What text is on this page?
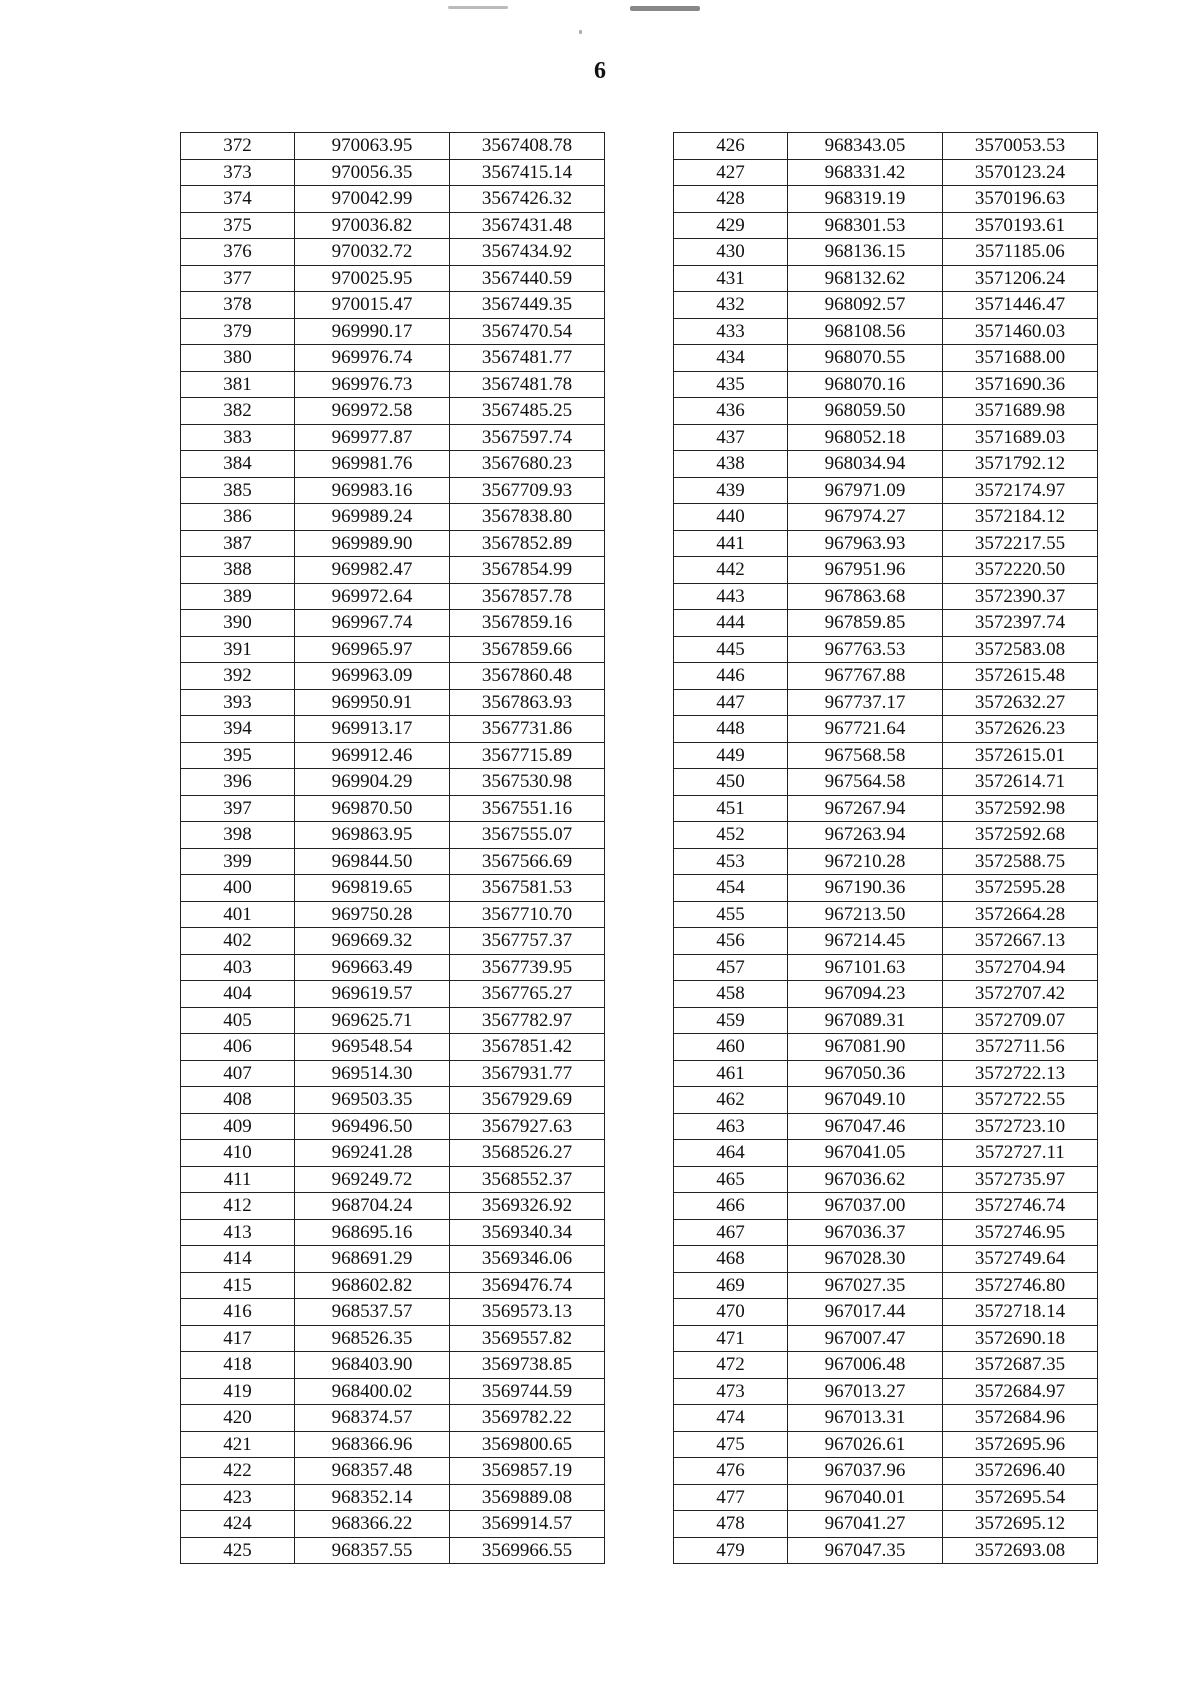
6
372	970063.95	3567408.78
373	970056.35	3567415.14
374	970042.99	3567426.32
375	970036.82	3567431.48
376	970032.72	3567434.92
377	970025.95	3567440.59
378	970015.47	3567449.35
379	969990.17	3567470.54
380	969976.74	3567481.77
381	969976.73	3567481.78
382	969972.58	3567485.25
383	969977.87	3567597.74
384	969981.76	3567680.23
385	969983.16	3567709.93
386	969989.24	3567838.80
387	969989.90	3567852.89
388	969982.47	3567854.99
389	969972.64	3567857.78
390	969967.74	3567859.16
391	969965.97	3567859.66
392	969963.09	3567860.48
393	969950.91	3567863.93
394	969913.17	3567731.86
395	969912.46	3567715.89
396	969904.29	3567530.98
397	969870.50	3567551.16
398	969863.95	3567555.07
399	969844.50	3567566.69
400	969819.65	3567581.53
401	969750.28	3567710.70
402	969669.32	3567757.37
403	969663.49	3567739.95
404	969619.57	3567765.27
405	969625.71	3567782.97
406	969548.54	3567851.42
407	969514.30	3567931.77
408	969503.35	3567929.69
409	969496.50	3567927.63
410	969241.28	3568526.27
411	969249.72	3568552.37
412	968704.24	3569326.92
413	968695.16	3569340.34
414	968691.29	3569346.06
415	968602.82	3569476.74
416	968537.57	3569573.13
417	968526.35	3569557.82
418	968403.90	3569738.85
419	968400.02	3569744.59
420	968374.57	3569782.22
421	968366.96	3569800.65
422	968357.48	3569857.19
423	968352.14	3569889.08
424	968366.22	3569914.57
425	968357.55	3569966.55
426	968343.05	3570053.53
427	968331.42	3570123.24
428	968319.19	3570196.63
429	968301.53	3570193.61
430	968136.15	3571185.06
431	968132.62	3571206.24
432	968092.57	3571446.47
433	968108.56	3571460.03
434	968070.55	3571688.00
435	968070.16	3571690.36
436	968059.50	3571689.98
437	968052.18	3571689.03
438	968034.94	3571792.12
439	967971.09	3572174.97
440	967974.27	3572184.12
441	967963.93	3572217.55
442	967951.96	3572220.50
443	967863.68	3572390.37
444	967859.85	3572397.74
445	967763.53	3572583.08
446	967767.88	3572615.48
447	967737.17	3572632.27
448	967721.64	3572626.23
449	967568.58	3572615.01
450	967564.58	3572614.71
451	967267.94	3572592.98
452	967263.94	3572592.68
453	967210.28	3572588.75
454	967190.36	3572595.28
455	967213.50	3572664.28
456	967214.45	3572667.13
457	967101.63	3572704.94
458	967094.23	3572707.42
459	967089.31	3572709.07
460	967081.90	3572711.56
461	967050.36	3572722.13
462	967049.10	3572722.55
463	967047.46	3572723.10
464	967041.05	3572727.11
465	967036.62	3572735.97
466	967037.00	3572746.74
467	967036.37	3572746.95
468	967028.30	3572749.64
469	967027.35	3572746.80
470	967017.44	3572718.14
471	967007.47	3572690.18
472	967006.48	3572687.35
473	967013.27	3572684.97
474	967013.31	3572684.96
475	967026.61	3572695.96
476	967037.96	3572696.40
477	967040.01	3572695.54
478	967041.27	3572695.12
479	967047.35	3572693.08
